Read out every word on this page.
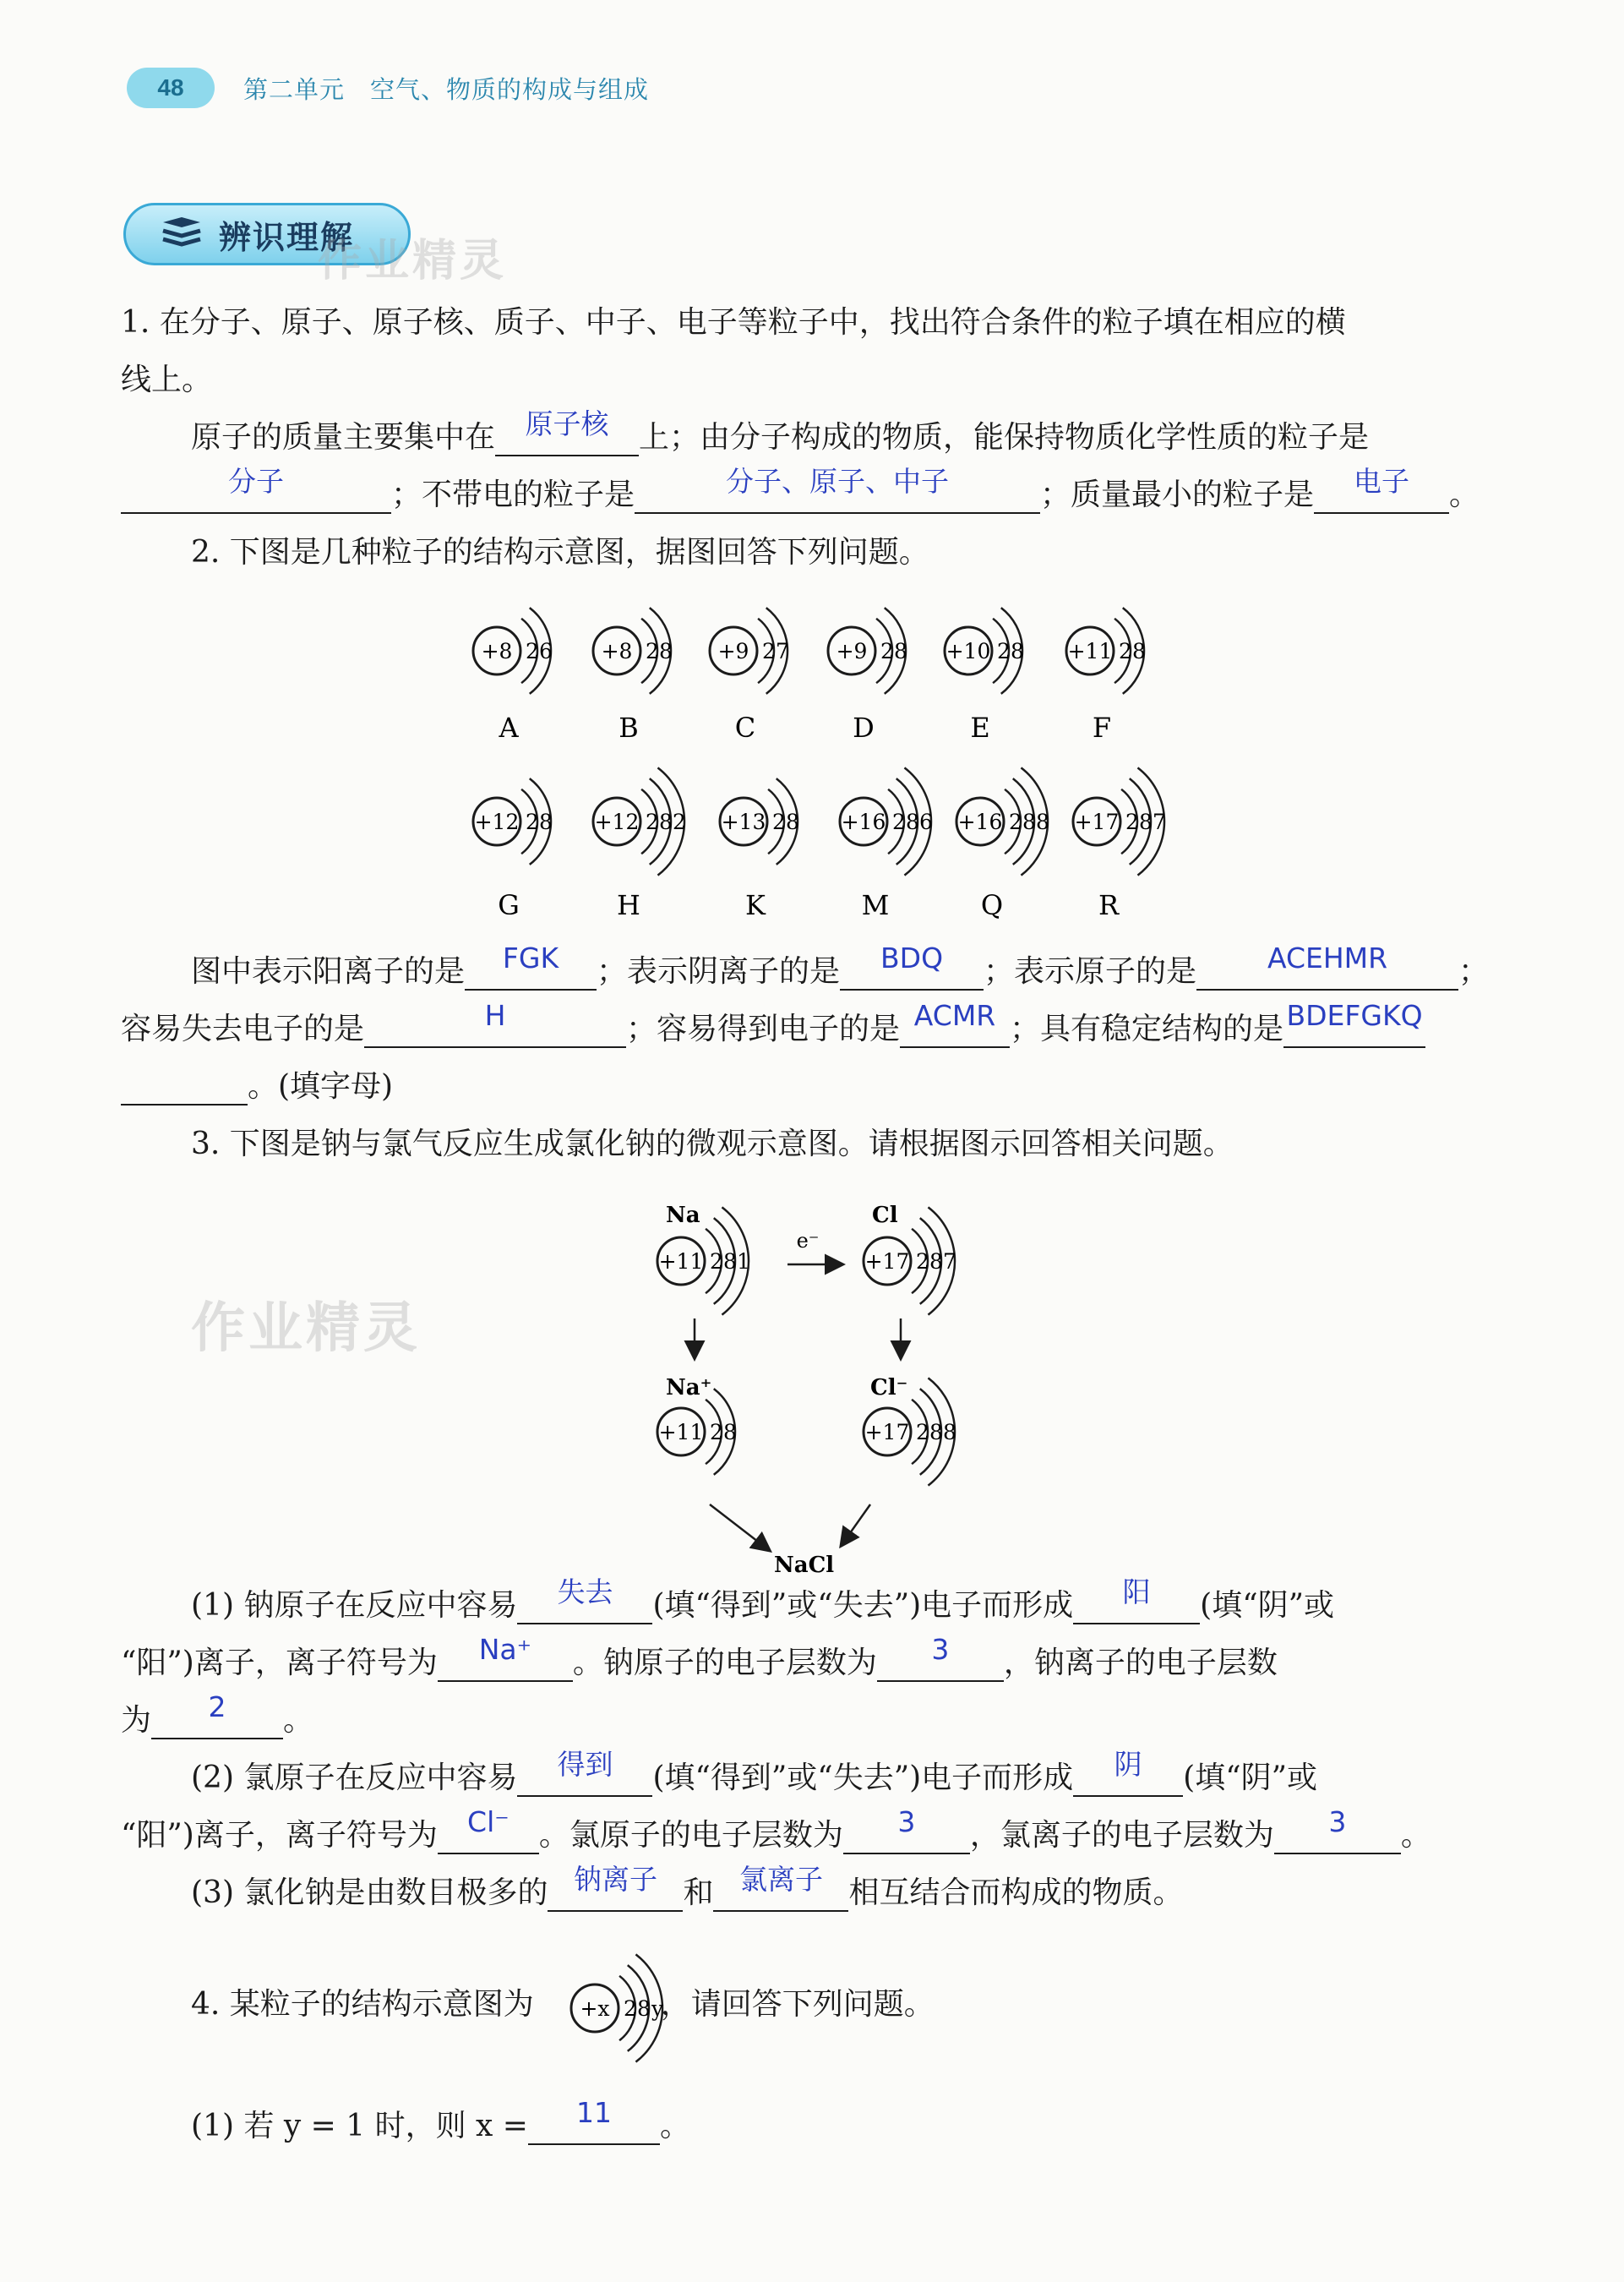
48	第二单元　空气、物质的构成与组成
辨识理解
作业精灵
作业精灵
1. 在分子、原子、原子核、质子、中子、电子等粒子中，找出符合条件的粒子填在相应的横
线上。
原子的质量主要集中在	原子核 上；由分子构成的物质，能保持物质化学性质的粒子是
分子	；不带电的粒子是	分子、原子、中子	；质量最小的粒子是	电子	。
2. 下图是几种粒子的结构示意图，据图回答下列问题。
+8 2 6
A
+8 2 8
B
+9 2 7
C
+9 2 8
D
+10 2 8
E
+11 2 8
F
+12 2 8
G
+12 2 8 2
H
+13 2 8
K
+16 2 8 6
M
+16 2 8 8
Q
+17 2 8 7
R
图中表示阳离子的是	FGK	；表示阴离子的是	BDQ	；表示原子的是	ACEHMR	；
容易失去电子的是	H	；容易得到电子的是 ACMR ；具有稳定结构的是 BDEFGKQ
。(填字母)
3. 下图是钠与氯气反应生成氯化钠的微观示意图。请根据图示回答相关问题。
Na	Cl
+11 2 8 1	+17 2 8 7
e⁻
Na⁺	Cl⁻
+11 2 8	+17 2 8 8
NaCl
(1) 钠原子在反应中容易	失去	(填“得到”或“失去”)电子而形成	阳	(填“阴”或
“阳”)离子，离子符号为	Na⁺	。钠原子的电子层数为	3	，钠离子的电子层数
为	2	。
(2) 氯原子在反应中容易	得到	(填“得到”或“失去”)电子而形成	阴	(填“阴”或
“阳”)离子，离子符号为	Cl⁻ 。氯原子的电子层数为	3	，氯离子的电子层数为	3	。
(3) 氯化钠是由数目极多的 钠离子 和 氯离子 相互结合而构成的物质。
4. 某粒子的结构示意图为	，请回答下列问题。
+x 2 8 y
(1) 若 y = 1 时，则 x =	11	。
